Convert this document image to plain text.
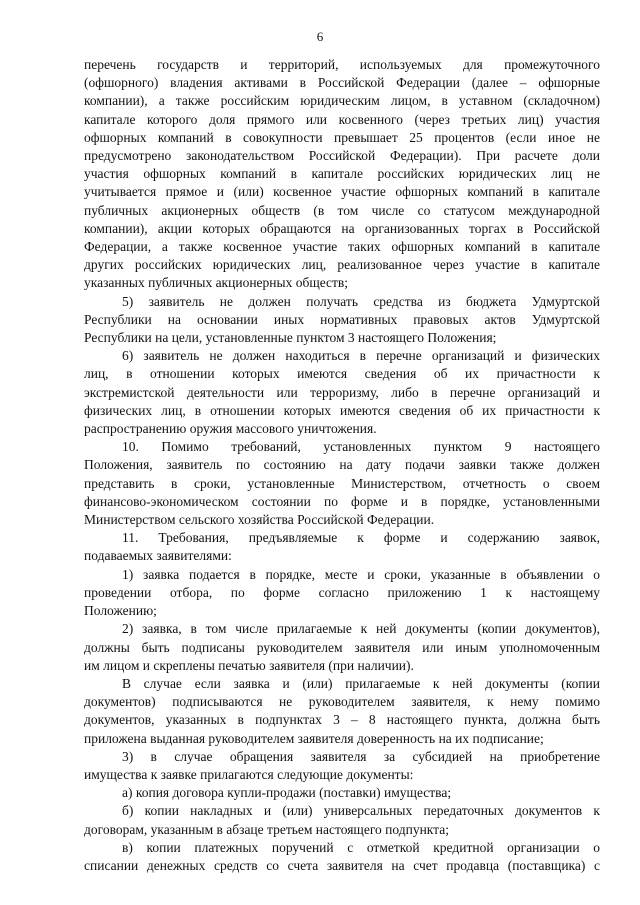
6
перечень государств и территорий, используемых для промежуточного
(офшорного) владения активами в Российской Федерации (далее – офшорные
компании), а также российским юридическим лицом, в уставном (складочном)
капитале которого доля прямого или косвенного (через третьих лиц) участия
офшорных компаний в совокупности превышает 25 процентов (если иное не
предусмотрено законодательством Российской Федерации). При расчете доли
участия офшорных компаний в капитале российских юридических лиц не
учитывается прямое и (или) косвенное участие офшорных компаний в капитале
публичных акционерных обществ (в том числе со статусом международной
компании), акции которых обращаются на организованных торгах в Российской
Федерации, а также косвенное участие таких офшорных компаний в капитале
других российских юридических лиц, реализованное через участие в капитале
указанных публичных акционерных обществ;
5) заявитель не должен получать средства из бюджета Удмуртской
Республики на основании иных нормативных правовых актов Удмуртской
Республики на цели, установленные пунктом 3 настоящего Положения;
6) заявитель не должен находиться в перечне организаций и физических
лиц, в отношении которых имеются сведения об их причастности к
экстремистской деятельности или терроризму, либо в перечне организаций и
физических лиц, в отношении которых имеются сведения об их причастности к
распространению оружия массового уничтожения.
10. Помимо требований, установленных пунктом 9 настоящего
Положения, заявитель по состоянию на дату подачи заявки также должен
представить в сроки, установленные Министерством, отчетность о своем
финансово-экономическом состоянии по форме и в порядке, установленными
Министерством сельского хозяйства Российской Федерации.
11. Требования, предъявляемые к форме и содержанию заявок,
подаваемых заявителями:
1) заявка подается в порядке, месте и сроки, указанные в объявлении о
проведении отбора, по форме согласно приложению 1 к настоящему
Положению;
2) заявка, в том числе прилагаемые к ней документы (копии документов),
должны быть подписаны руководителем заявителя или иным уполномоченным
им лицом и скреплены печатью заявителя (при наличии).
В случае если заявка и (или) прилагаемые к ней документы (копии
документов) подписываются не руководителем заявителя, к нему помимо
документов, указанных в подпунктах 3 – 8 настоящего пункта, должна быть
приложена выданная руководителем заявителя доверенность на их подписание;
3) в случае обращения заявителя за субсидией на приобретение
имущества к заявке прилагаются следующие документы:
а) копия договора купли-продажи (поставки) имущества;
б) копии накладных и (или) универсальных передаточных документов к
договорам, указанным в абзаце третьем настоящего подпункта;
в) копии платежных поручений с отметкой кредитной организации о
списании денежных средств со счета заявителя на счет продавца (поставщика) с
